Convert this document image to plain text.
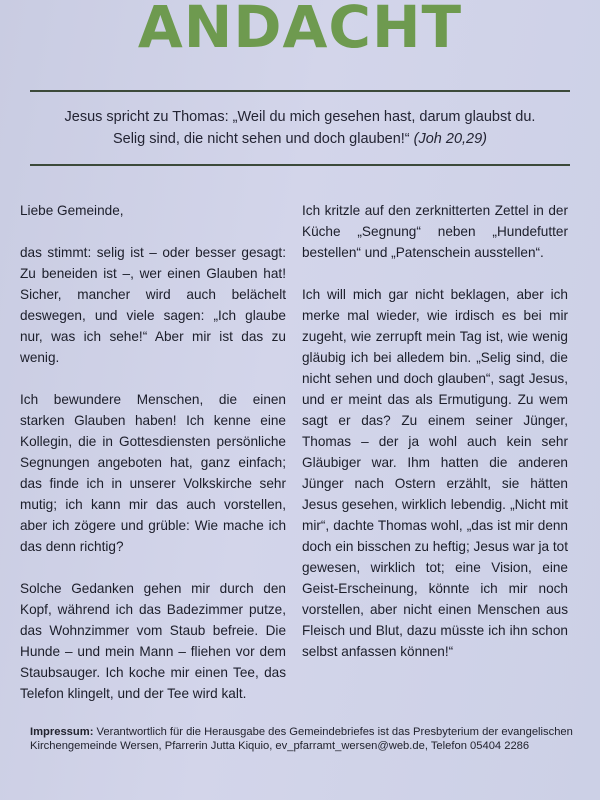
ANDACHT
Jesus spricht zu Thomas: „Weil du mich gesehen hast, darum glaubst du.
Selig sind, die nicht sehen und doch glauben!“ (Joh 20,29)

Liebe Gemeinde,

das stimmt: selig ist – oder besser gesagt: Zu beneiden ist –, wer einen Glauben hat! Sicher, mancher wird auch belächelt deswegen, und viele sagen: „Ich glaube nur, was ich sehe!“ Aber mir ist das zu wenig.

Ich bewundere Menschen, die einen starken Glauben haben! Ich kenne eine Kollegin, die in Gottesdiensten persönliche Segnungen angeboten hat, ganz einfach; das finde ich in unserer Volkskirche sehr mutig; ich kann mir das auch vorstellen, aber ich zögere und grüble: Wie mache ich das denn richtig?

Solche Gedanken gehen mir durch den Kopf, während ich das Badezimmer putze, das Wohnzimmer vom Staub befreie. Die Hunde – und mein Mann – fliehen vor dem Staubsauger. Ich koche mir einen Tee, das Telefon klingelt, und der Tee wird kalt.

Ich kritzle auf den zerknitterten Zettel in der Küche „Segnung“ neben „Hundefutter bestellen“ und „Patenschein ausstellen“.

Ich will mich gar nicht beklagen, aber ich merke mal wieder, wie irdisch es bei mir zugeht, wie zerrupft mein Tag ist, wie wenig gläubig ich bei alledem bin. „Selig sind, die nicht sehen und doch glauben“, sagt Jesus, und er meint das als Ermutigung. Zu wem sagt er das? Zu einem seiner Jünger, Thomas – der ja wohl auch kein sehr Gläubiger war. Ihm hatten die anderen Jünger nach Ostern erzählt, sie hätten Jesus gesehen, wirklich lebendig. „Nicht mit mir“, dachte Thomas wohl, „das ist mir denn doch ein bisschen zu heftig; Jesus war ja tot gewesen, wirklich tot; eine Vision, eine Geist-Erscheinung, könnte ich mir noch vorstellen, aber nicht einen Menschen aus Fleisch und Blut, dazu müsste ich ihn schon selbst anfassen können!“

Impressum: Verantwortlich für die Herausgabe des Gemeindebriefes ist das Presbyterium der evangelischen Kirchengemeinde Wersen, Pfarrerin Jutta Kiquio, ev_pfarramt_wersen@web.de, Telefon 05404 2286
